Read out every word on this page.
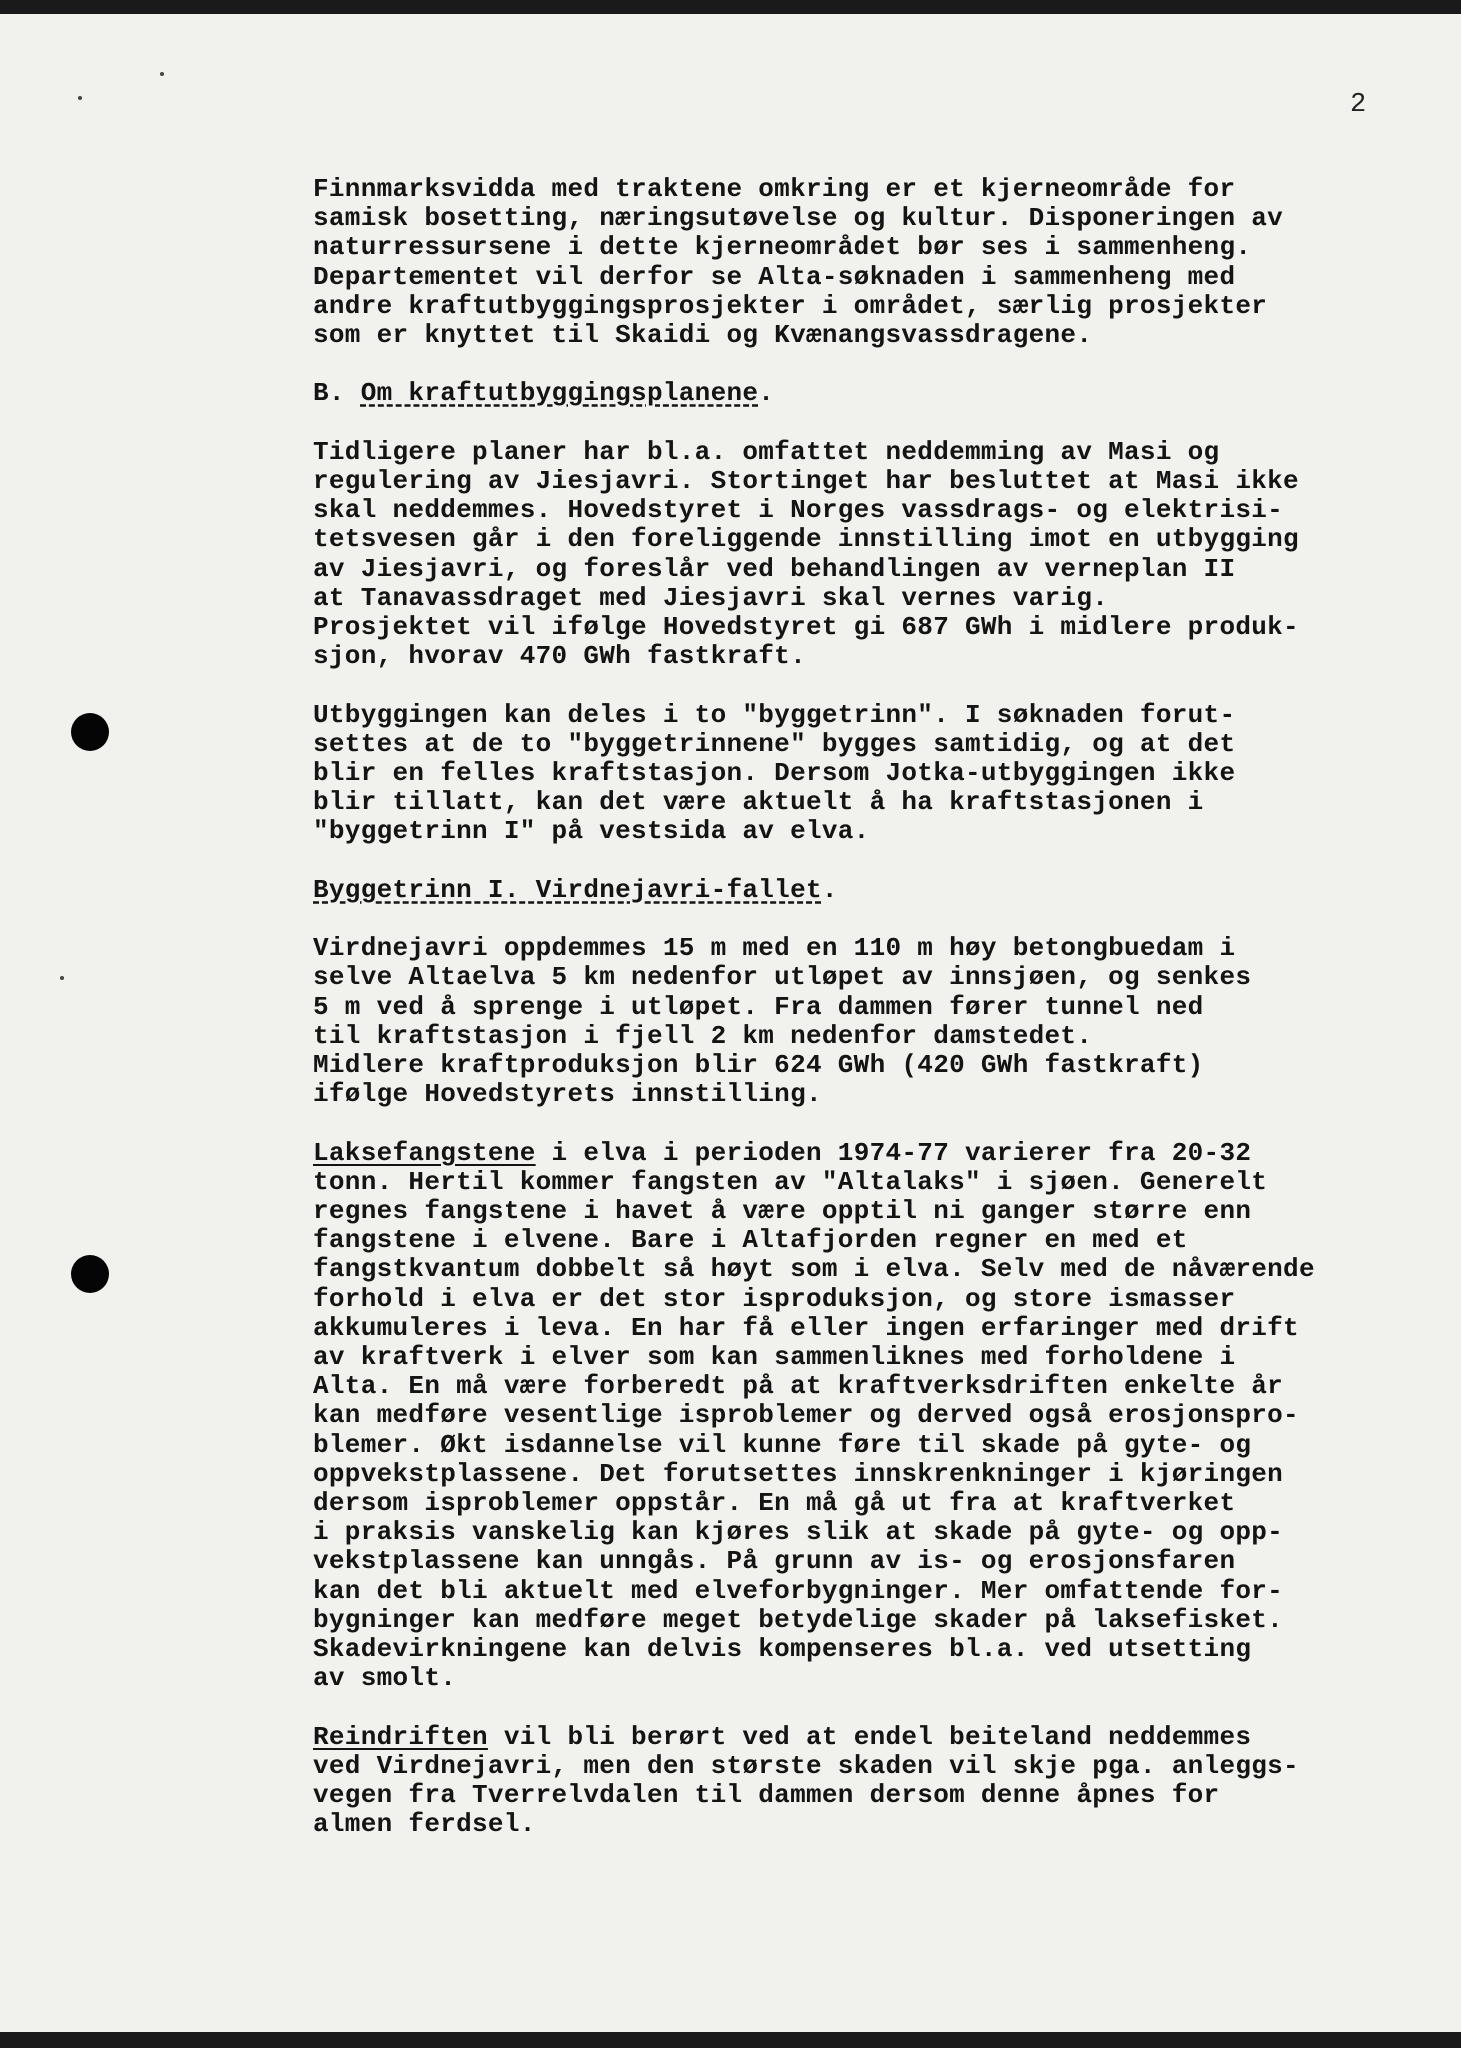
2
Finnmarksvidda med traktene omkring er et kjerneområde for
samisk bosetting, næringsutøvelse og kultur. Disponeringen av
naturressursene i dette kjerneområdet bør ses i sammenheng.
Departementet vil derfor se Alta-søknaden i sammenheng med
andre kraftutbyggingsprosjekter i området, særlig prosjekter
som er knyttet til Skaidi og Kvænangsvassdragene.
B. Om kraftutbyggingsplanene.
Tidligere planer har bl.a. omfattet neddemming av Masi og
regulering av Jiesjavri. Stortinget har besluttet at Masi ikke
skal neddemmes. Hovedstyret i Norges vassdrags- og elektrisi-
tetsvesen går i den foreliggende innstilling imot en utbygging
av Jiesjavri, og foreslår ved behandlingen av verneplan II
at Tanavassdraget med Jiesjavri skal vernes varig.
Prosjektet vil ifølge Hovedstyret gi 687 GWh i midlere produk-
sjon, hvorav 470 GWh fastkraft.
Utbyggingen kan deles i to "byggetrinn". I søknaden forut-
settes at de to "byggetrinnene" bygges samtidig, og at det
blir en felles kraftstasjon. Dersom Jotka-utbyggingen ikke
blir tillatt, kan det være aktuelt å ha kraftstasjonen i
"byggetrinn I" på vestsida av elva.
Byggetrinn I. Virdnejavri-fallet.
Virdnejavri oppdemmes 15 m med en 110 m høy betongbuedam i
selve Altaelva 5 km nedenfor utløpet av innsjøen, og senkes
5 m ved å sprenge i utløpet. Fra dammen fører tunnel ned
til kraftstasjon i fjell 2 km nedenfor damstedet.
Midlere kraftproduksjon blir 624 GWh (420 GWh fastkraft)
ifølge Hovedstyrets innstilling.
Laksefangstene i elva i perioden 1974-77 varierer fra 20-32
tonn. Hertil kommer fangsten av "Altalaks" i sjøen. Generelt
regnes fangstene i havet å være opptil ni ganger større enn
fangstene i elvene. Bare i Altafjorden regner en med et
fangstkvantum dobbelt så høyt som i elva. Selv med de nåværende
forhold i elva er det stor isproduksjon, og store ismasser
akkumuleres i leva. En har få eller ingen erfaringer med drift
av kraftverk i elver som kan sammenliknes med forholdene i
Alta. En må være forberedt på at kraftverksdriften enkelte år
kan medføre vesentlige isproblemer og derved også erosjonspro-
blemer. Økt isdannelse vil kunne føre til skade på gyte- og
oppvekstplassene. Det forutsettes innskrenkninger i kjøringen
dersom isproblemer oppstår. En må gå ut fra at kraftverket
i praksis vanskelig kan kjøres slik at skade på gyte- og opp-
vekstplassene kan unngås. På grunn av is- og erosjonsfaren
kan det bli aktuelt med elveforbygninger. Mer omfattende for-
bygninger kan medføre meget betydelige skader på laksefisket.
Skadevirkningene kan delvis kompenseres bl.a. ved utsetting
av smolt.
Reindriften vil bli berørt ved at endel beiteland neddemmes
ved Virdnejavri, men den største skaden vil skje pga. anleggs-
vegen fra Tverrelvdalen til dammen dersom denne åpnes for
almen ferdsel.
